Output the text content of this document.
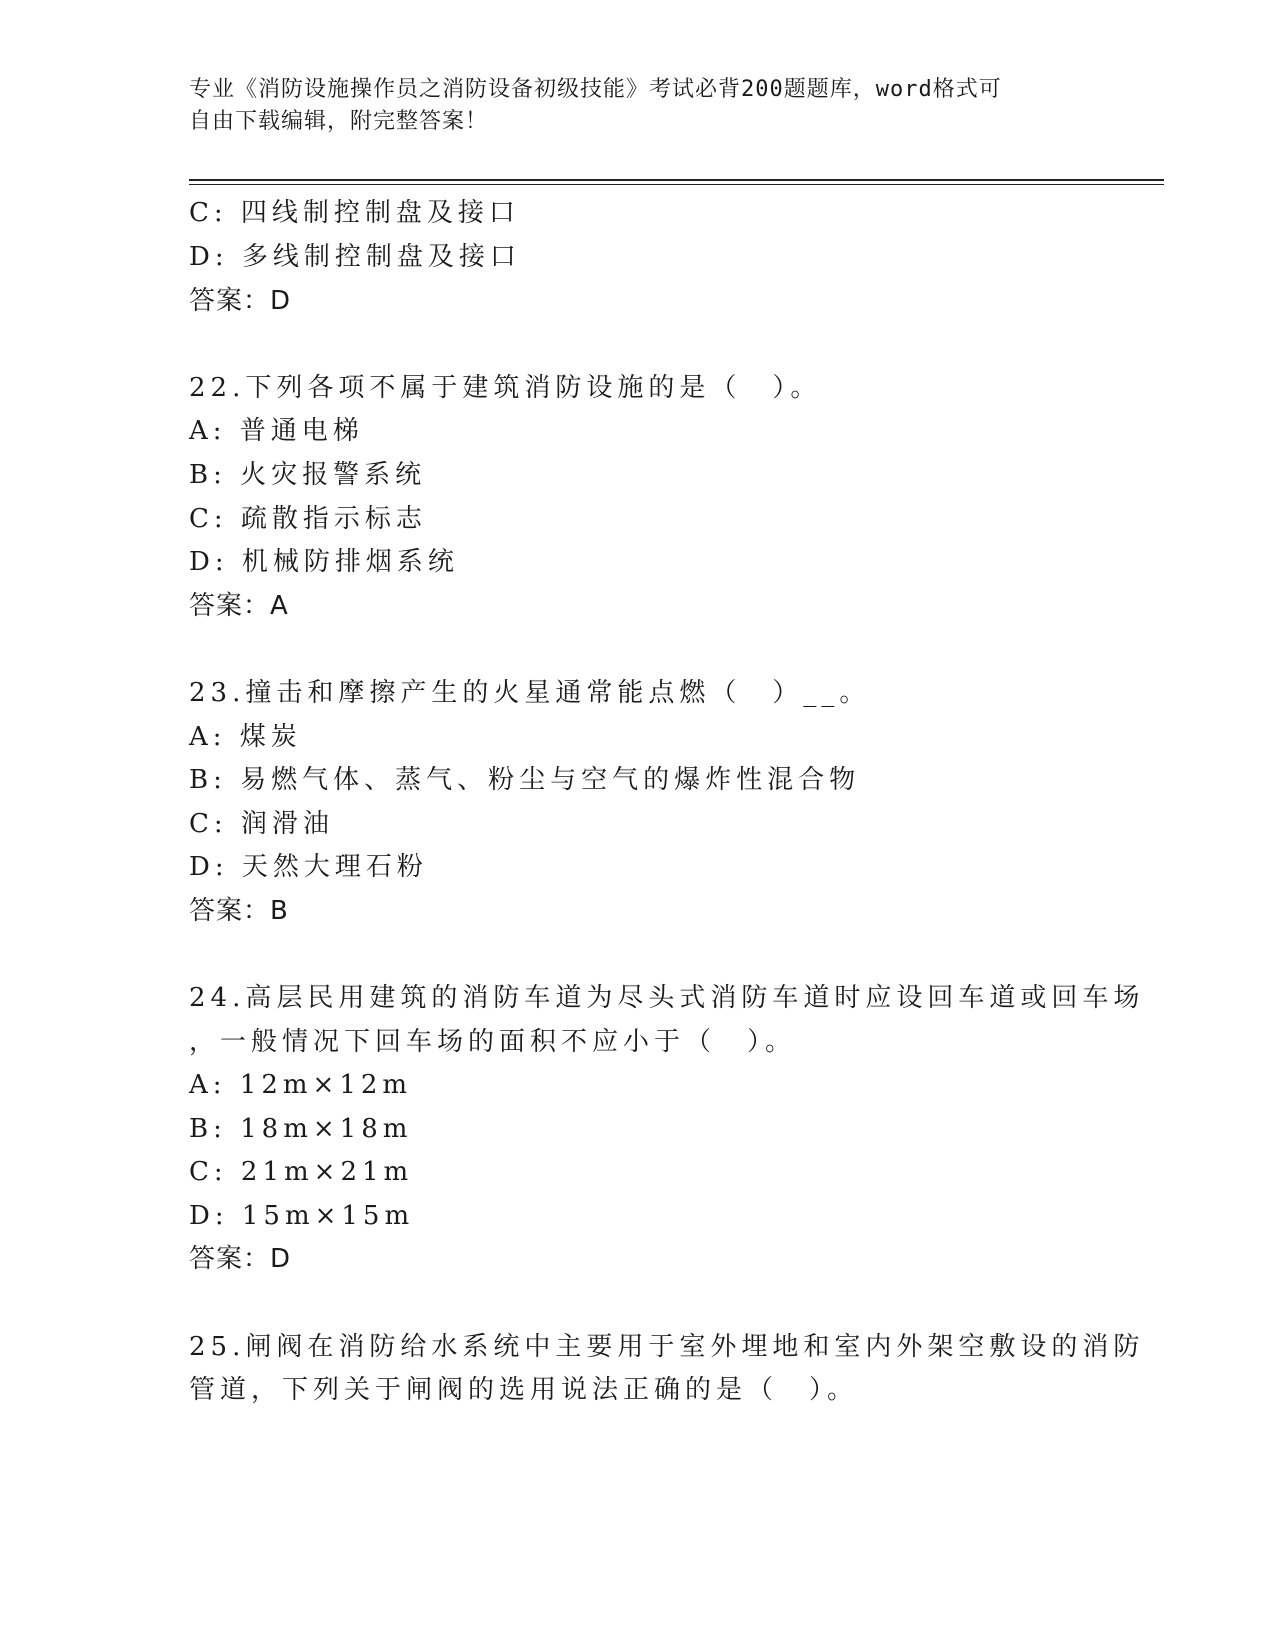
专业《消防设施操作员之消防设备初级技能》考试必背200题题库，word格式可
自由下载编辑，附完整答案！
C: 四线制控制盘及接口
D: 多线制控制盘及接口
答案：D
22.下列各项不属于建筑消防设施的是（　）。
A: 普通电梯
B: 火灾报警系统
C: 疏散指示标志
D: 机械防排烟系统
答案：A
23.撞击和摩擦产生的火星通常能点燃（　）__。
A: 煤炭
B: 易燃气体、蒸气、粉尘与空气的爆炸性混合物
C: 润滑油
D: 天然大理石粉
答案：B
24.高层民用建筑的消防车道为尽头式消防车道时应设回车道或回车场
，一般情况下回车场的面积不应小于（　）。
A: 12m×12m
B: 18m×18m
C: 21m×21m
D: 15m×15m
答案：D
25.闸阀在消防给水系统中主要用于室外埋地和室内外架空敷设的消防
管道，下列关于闸阀的选用说法正确的是（　）。
